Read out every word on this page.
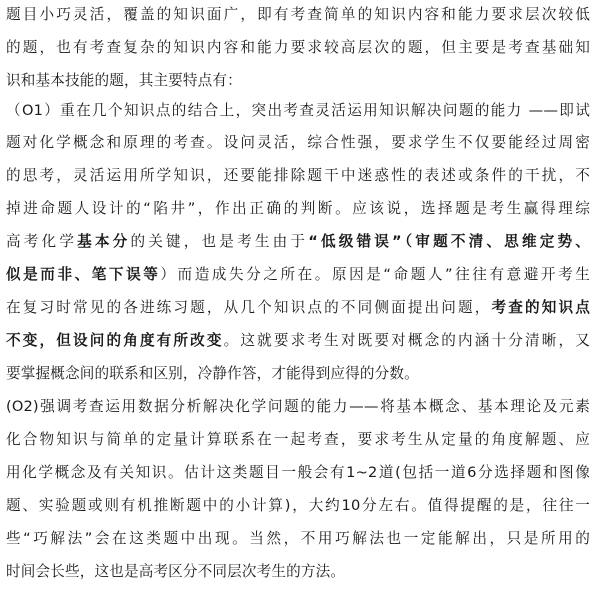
题目小巧灵活，覆盖的知识面广，即有考查简单的知识内容和能力要求层次较低
的题，也有考查复杂的知识内容和能力要求较高层次的题，但主要是考查基础知
识和基本技能的题，其主要特点有：
（O1）重在几个知识点的结合上，突出考查灵活运用知识解决问题的能力 ——即试
题对化学概念和原理的考查。设问灵活，综合性强，要求学生不仅要能经过周密
的思考，灵活运用所学知识，还要能排除题干中迷惑性的表述或条件的干扰，不
掉进命题人设计的“陷井”，作出正确的判断。应该说，选择题是考生赢得理综
高考化学基本分的关键，也是考生由于“低级错误”（审题不清、思维定势、
似是而非、笔下误等）而造成失分之所在。原因是“命题人”往往有意避开考生
在复习时常见的各进练习题，从几个知识点的不同侧面提出问题，考查的知识点
不变，但设问的角度有所改变。这就要求考生对既要对概念的内涵十分清晰，又
要掌握概念间的联系和区别，冷静作答，才能得到应得的分数。
(O2)强调考查运用数据分析解决化学问题的能力——将基本概念、基本理论及元素
化合物知识与简单的定量计算联系在一起考查，要求考生从定量的角度解题、应
用化学概念及有关知识。估计这类题目一般会有1~2道(包括一道6分选择题和图像
题、实验题或则有机推断题中的小计算)，大约10分左右。值得提醒的是，往往一
些“巧解法”会在这类题中出现。当然，不用巧解法也一定能解出，只是所用的
时间会长些，这也是高考区分不同层次考生的方法。
